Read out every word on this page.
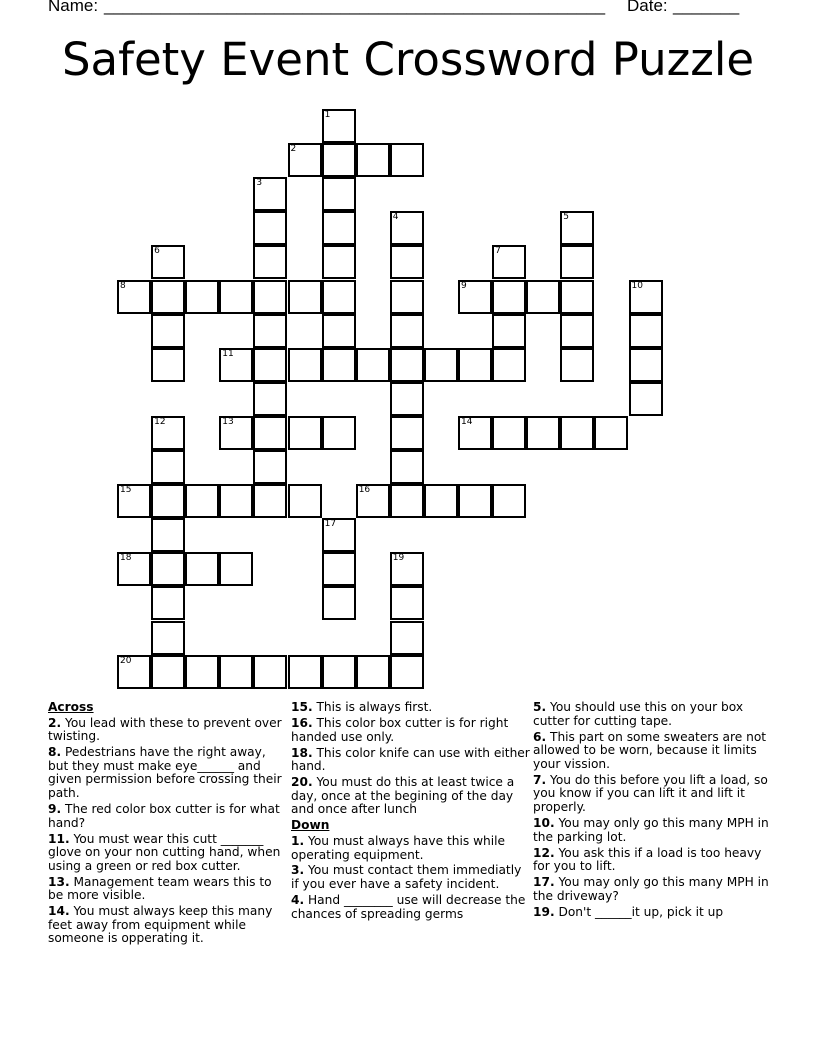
Name: _____________________________________________________ Date: _______
Safety Event Crossword Puzzle
1
2
3
4	5
6	7
8	9	10
11
12	13	14
15	16
17
18	19
20
Across
2. You lead with these to prevent over twisting.
8. Pedestrians have the right away, but they must make eye______ and given permission before crossing their path.
9. The red color box cutter is for what hand?
11. You must wear this cutt _______ glove on your non cutting hand, when using a green or red box cutter.
13. Management team wears this to be more visible.
14. You must always keep this many feet away from equipment while someone is opperating it.
15. This is always first.
16. This color box cutter is for right handed use only.
18. This color knife can use with either hand.
20. You must do this at least twice a day, once at the begining of the day and once after lunch
Down
1. You must always have this while operating equipment.
3. You must contact them immediatly if you ever have a safety incident.
4. Hand ________ use will decrease the chances of spreading germs
5. You should use this on your box cutter for cutting tape.
6. This part on some sweaters are not allowed to be worn, because it limits your vission.
7. You do this before you lift a load, so you know if you can lift it and lift it properly.
10. You may only go this many MPH in the parking lot.
12. You ask this if a load is too heavy for you to lift.
17. You may only go this many MPH in the driveway?
19. Don't ______it up, pick it up
